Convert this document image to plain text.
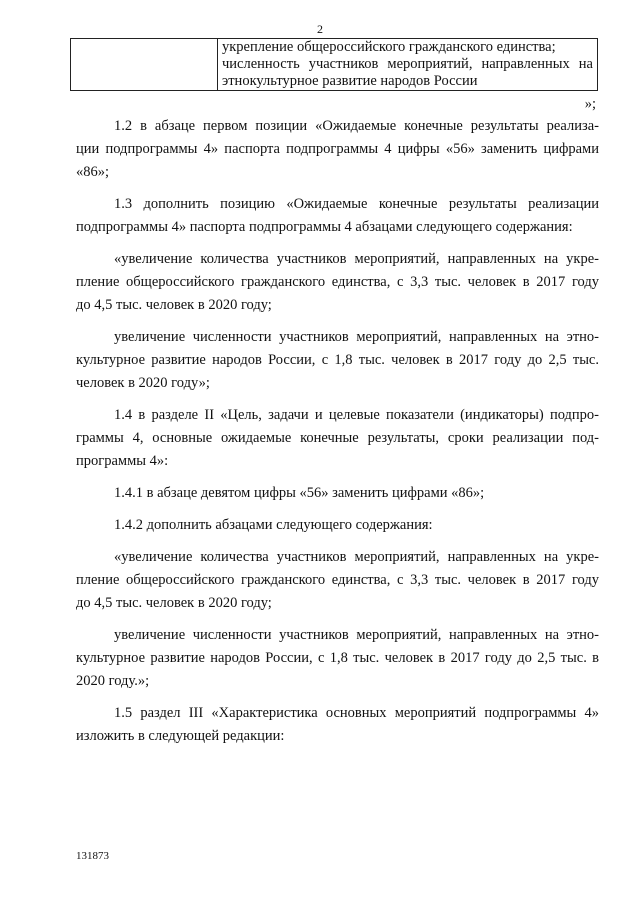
2

укрепление общероссийского гражданского единства;
численность участников мероприятий, направленных на
этнокультурное развитие народов России
»;
1.2 в абзаце первом позиции «Ожидаемые конечные результаты реализа-
ции подпрограммы 4» паспорта подпрограммы 4 цифры «56» заменить цифрами
«86»;
1.3 дополнить позицию «Ожидаемые конечные результаты реализации
подпрограммы 4» паспорта подпрограммы 4 абзацами следующего содержания:
«увеличение количества участников мероприятий, направленных на укре-
пление общероссийского гражданского единства, с 3,3 тыс. человек в 2017 году
до 4,5 тыс. человек в 2020 году;
увеличение численности участников мероприятий, направленных на этно-
культурное развитие народов России, с 1,8 тыс. человек в 2017 году до 2,5 тыс.
человек в 2020 году»;
1.4 в разделе II «Цель, задачи и целевые показатели (индикаторы) подпро-
граммы 4, основные ожидаемые конечные результаты, сроки реализации под-
программы 4»:
1.4.1 в абзаце девятом цифры «56» заменить цифрами «86»;
1.4.2 дополнить абзацами следующего содержания:
«увеличение количества участников мероприятий, направленных на укре-
пление общероссийского гражданского единства, с 3,3 тыс. человек в 2017 году
до 4,5 тыс. человек в 2020 году;
увеличение численности участников мероприятий, направленных на этно-
культурное развитие народов России, с 1,8 тыс. человек в 2017 году до 2,5 тыс. в
2020 году.»;
1.5 раздел III «Характеристика основных мероприятий подпрограммы 4»
изложить в следующей редакции:
131873
